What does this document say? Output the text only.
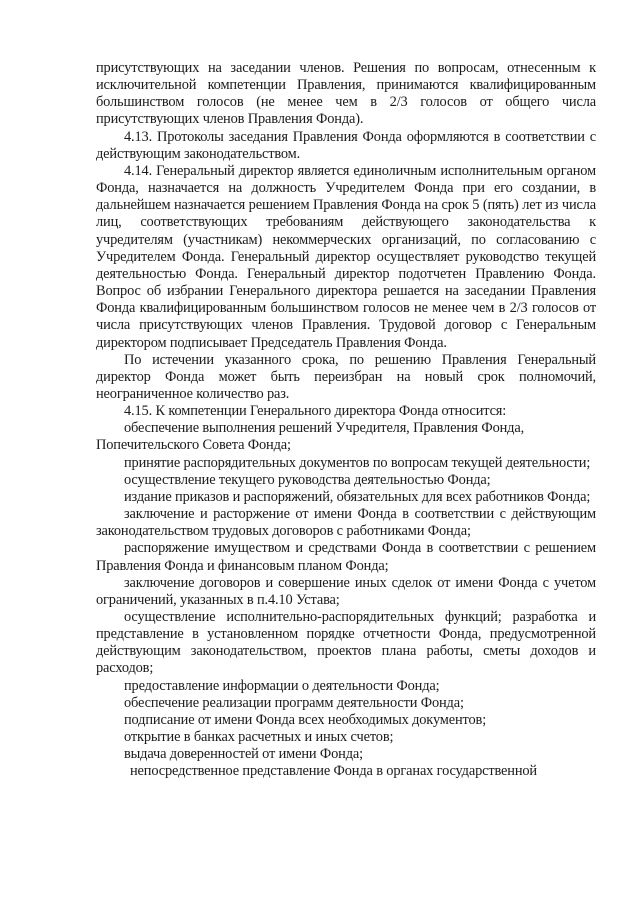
присутствующих на заседании членов. Решения по вопросам, отнесенным к исключительной компетенции Правления, принимаются квалифицированным большинством голосов (не менее чем в 2/3 голосов от общего числа присутствующих членов Правления Фонда).

4.13. Протоколы заседания Правления Фонда оформляются в соответствии с действующим законодательством.

4.14. Генеральный директор является единоличным исполнительным органом Фонда, назначается на должность Учредителем Фонда при его создании, в дальнейшем назначается решением Правления Фонда на срок 5 (пять) лет из числа лиц, соответствующих требованиям действующего законодательства к учредителям (участникам) некоммерческих организаций, по согласованию с Учредителем Фонда. Генеральный директор осуществляет руководство текущей деятельностью Фонда. Генеральный директор подотчетен Правлению Фонда. Вопрос об избрании Генерального директора решается на заседании Правления Фонда квалифицированным большинством голосов не менее чем в 2/3 голосов от числа присутствующих членов Правления. Трудовой договор с Генеральным директором подписывает Председатель Правления Фонда.

По истечении указанного срока, по решению Правления Генеральный директор Фонда может быть переизбран на новый срок полномочий, неограниченное количество раз.

4.15. К компетенции Генерального директора Фонда относится:

обеспечение выполнения решений Учредителя, Правления Фонда, Попечительского Совета Фонда;

принятие распорядительных документов по вопросам текущей деятельности;

осуществление текущего руководства деятельностью Фонда;

издание приказов и распоряжений, обязательных для всех работников Фонда;

заключение и расторжение от имени Фонда в соответствии с действующим законодательством трудовых договоров с работниками Фонда;

распоряжение имуществом и средствами Фонда в соответствии с решением Правления Фонда и финансовым планом Фонда;

заключение договоров и совершение иных сделок от имени Фонда с учетом ограничений, указанных в п.4.10 Устава;

осуществление исполнительно-распорядительных функций; разработка и представление в установленном порядке отчетности Фонда, предусмотренной действующим законодательством, проектов плана работы, сметы доходов и расходов;

предоставление информации о деятельности Фонда;

обеспечение реализации программ деятельности Фонда;

подписание от имени Фонда всех необходимых документов;

открытие в банках расчетных и иных счетов;

выдача доверенностей от имени Фонда;

непосредственное представление Фонда в органах государственной
